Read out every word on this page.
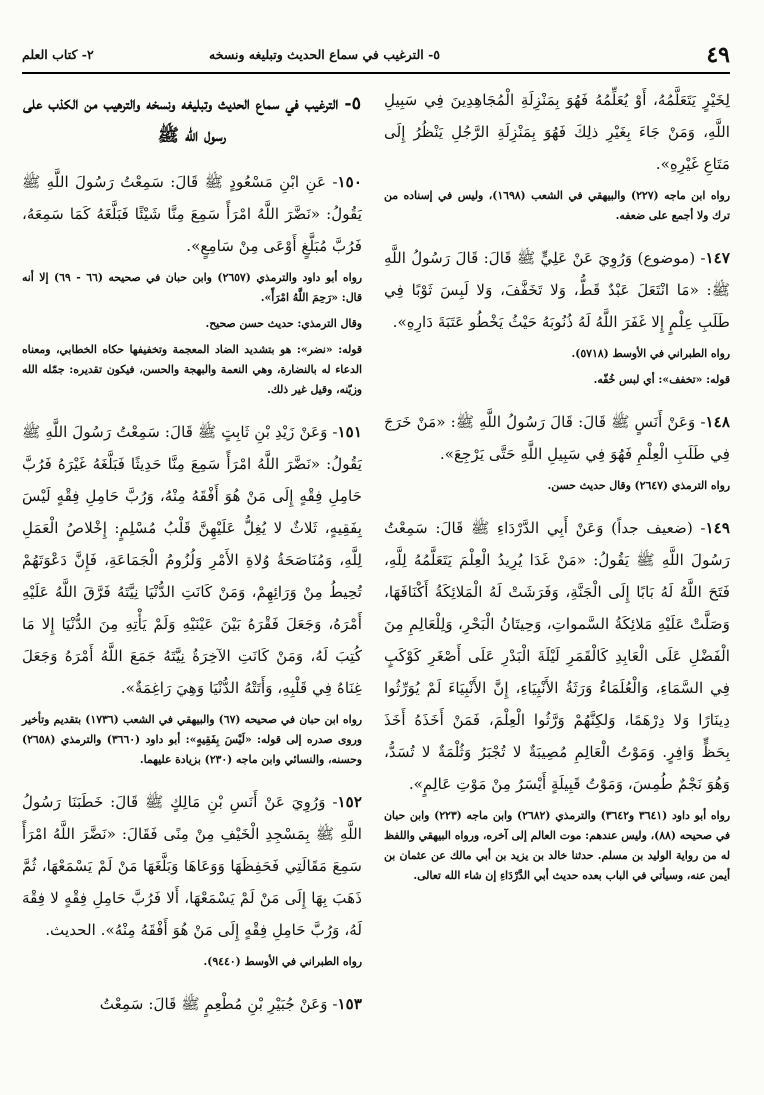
٤٩
٥- الترغيب في سماع الحديث وتبليغه ونسخه
٢- كتاب العلم

لِخَيْرٍ يَتَعَلَّمُهُ، أَوْ يُعَلِّمُهُ فَهُوَ بِمَنْزِلَةِ الْمُجَاهِدِينَ فِي سَبِيلِ اللَّهِ، وَمَنْ جَاءَ بِغَيْرِ ذلِكَ فَهُوَ بِمَنْزِلَةِ الرَّجُلِ يَنْظُرُ إِلَى مَتَاعِ غَيْرِهِ».

رواه ابن ماجه (٢٢٧) والبيهقي في الشعب (١٦٩٨)، وليس في إسناده من ترك ولا أجمع على ضعفه.

١٤٧- (موضوع) وَرُوِيَ عَنْ عَلِيٍّ ﷺ قَالَ: قَالَ رَسُولُ اللَّهِ ﷺ: «مَا انْتَعَلَ عَبْدٌ قَطُّ، وَلا تَخَفَّفَ، وَلا لَبِسَ ثَوْبًا فِي طَلَبِ عِلْمٍ إِلا غَفَرَ اللَّهُ لَهُ ذُنُوبَهُ حَيْثُ يَخْطُو عَتَبَةَ دَارِهِ».

رواه الطبراني في الأوسط (٥٧١٨).

قوله: «تخفف»: أي لبس خُفّه.

١٤٨- وَعَنْ أَنَسٍ ﷺ قَالَ: قَالَ رَسُولُ اللَّهِ ﷺ: «مَنْ خَرَجَ فِي طَلَبِ الْعِلْمِ فَهُوَ فِي سَبِيلِ اللَّهِ حَتَّى يَرْجِعَ».

رواه الترمذي (٢٦٤٧) وقال حديث حسن.

١٤٩- (ضعيف جداً) وَعَنْ أَبِي الدَّرْدَاءِ ﷺ قَالَ: سَمِعْتُ رَسُولَ اللَّهِ ﷺ يَقُولُ: «مَنْ غَدَا يُرِيدُ الْعِلْمَ يَتَعَلَّمُهُ لِلَّهِ، فَتَحَ اللَّهُ لَهُ بَابًا إِلَى الْجَنَّةِ، وَفَرَشَتْ لَهُ الْمَلائِكَةُ أَكْنَافَهَا، وَصَلَّتْ عَلَيْهِ مَلائِكَةُ السَّمواتِ، وَحِيتَانُ الْبَحْرِ، وَلِلْعَالِمِ مِنَ الْفَضْلِ عَلَى الْعَابِدِ كَالْقَمَرِ لَيْلَةَ الْبَدْرِ عَلَى أَصْغَرِ كَوْكَبٍ فِي السَّمَاءِ، وَالْعُلَمَاءُ وَرَثَةُ الأَنْبِيَاءِ، إِنَّ الأَنْبِيَاءَ لَمْ يُوَرِّثُوا دِينَارًا وَلا دِرْهَمًا، وَلكِنَّهُمْ وَرَّثُوا الْعِلْمَ، فَمَنْ أَخَذَهُ أَخَذَ بِحَظٍّ وَافِرٍ. وَمَوْتُ الْعَالِمِ مُصِيبَةٌ لا تُجْبَرُ وَثُلْمَةٌ لا تُسَدُّ، وَهُوَ نَجْمٌ طُمِسَ، وَمَوْتُ قَبِيلَةٍ أَيْسَرُ مِنْ مَوْتِ عَالِمٍ».

رواه أبو داود (٣٦٤١ و٣٦٤٢) والترمذي (٢٦٨٢) وابن ماجه (٢٢٣) وابن حبان في صحيحه (٨٨)، وليس عندهم: موت العالم إلى آخره، ورواه البيهقي واللفظ له من رواية الوليد بن مسلم. حدثنا خالد بن يزيد بن أبي مالك عن عثمان بن أيمن عنه، وسيأتي في الباب بعده حديث أبي الدَّرْدَاءِ إن شاء الله تعالى.

٥- الترغيب في سماع الحديث وتبليغه ونسخه والترهيب من الكذب على رسول الله ﷺ

١٥٠- عَنِ ابْنِ مَسْعُودٍ ﷺ قَالَ: سَمِعْتُ رَسُولَ اللَّهِ ﷺ يَقُولُ: «نَضَّرَ اللَّهُ امْرَأً سَمِعَ مِنَّا شَيْئًا فَبَلَّغَهُ كَمَا سَمِعَهُ، فَرُبَّ مُبَلَّغٍ أَوْعَى مِنْ سَامِعٍ».

رواه أبو داود والترمذي (٢٦٥٧) وابن حبان في صحيحه (٦٦ - ٦٩) إلا أنه قال: «رَحِمَ اللَّهُ امْرَأً».

وقال الترمذي: حديث حسن صحيح.

قوله: «نضر»: هو بتشديد الضاد المعجمة وتخفيفها حكاه الخطابي، ومعناه الدعاء له بالنضارة، وهي النعمة والبهجة والحسن، فيكون تقديره: جمّله الله وزيّنه، وقيل غير ذلك.

١٥١- وَعَنْ زَيْدِ بْنِ ثَابِتٍ ﷺ قَالَ: سَمِعْتُ رَسُولَ اللَّهِ ﷺ يَقُولُ: «نَضَّرَ اللَّهُ امْرَأً سَمِعَ مِنَّا حَدِيثًا فَبَلَّغَهُ غَيْرَهُ فَرُبَّ حَامِلِ فِقْهٍ إِلَى مَنْ هُوَ أَفْقَهُ مِنْهُ، وَرُبَّ حَامِلِ فِقْهٍ لَيْسَ بِفَقِيهٍ، ثَلاثٌ لا يُغِلُّ عَلَيْهِنَّ قَلْبُ مُسْلِمٍ: إِخْلاصُ الْعَمَلِ لِلَّهِ، وَمُنَاصَحَةُ وُلاةِ الأَمْرِ وَلُزُومُ الْجَمَاعَةِ، فَإِنَّ دَعْوَتَهُمْ تُحِيطُ مِنْ وَرَائِهِمْ، وَمَنْ كَانَتِ الدُّنْيَا نِيَّتَهُ فَرَّقَ اللَّهُ عَلَيْهِ أَمْرَهُ، وَجَعَلَ فَقْرَهُ بَيْنَ عَيْنَيْهِ وَلَمْ يَأْتِهِ مِنَ الدُّنْيَا إِلا مَا كُتِبَ لَهُ، وَمَنْ كَانَتِ الآخِرَةُ نِيَّتَهُ جَمَعَ اللَّهُ أَمْرَهُ وَجَعَلَ غِنَاهُ فِي قَلْبِهِ، وَأَتَتْهُ الدُّنْيَا وَهِيَ رَاغِمَةٌ».

رواه ابن حبان في صحيحه (٦٧) والبيهقي في الشعب (١٧٣٦) بتقديم وتأخير وروى صدره إلى قوله: «لَيْسَ بِفَقِيهٍ»: أبو داود (٣٦٦٠) والترمذي (٢٦٥٨) وحسنه، والنسائي وابن ماجه (٢٣٠) بزيادة عليهما.

١٥٢- وَرُوِيَ عَنْ أَنَسِ بْنِ مَالِكٍ ﷺ قَالَ: خَطَبَنَا رَسُولُ اللَّهِ ﷺ بِمَسْجِدِ الْخَيْفِ مِنْ مِنًى فَقَالَ: «نَضَّرَ اللَّهُ امْرَأً سَمِعَ مَقَالَتِي فَحَفِظَهَا وَوَعَاهَا وَبَلَّغَهَا مَنْ لَمْ يَسْمَعْهَا، ثُمَّ ذَهَبَ بِهَا إِلَى مَنْ لَمْ يَسْمَعْهَا، أَلا فَرُبَّ حَامِلِ فِقْهٍ لا فِقْهَ لَهُ، وَرُبَّ حَامِلِ فِقْهٍ إِلَى مَنْ هُوَ أَفْقَهُ مِنْهُ». الحديث.

رواه الطبراني في الأوسط (٩٤٤٠).

١٥٣- وَعَنْ جُبَيْرِ بْنِ مُطْعِمٍ ﷺ قَالَ: سَمِعْتُ
